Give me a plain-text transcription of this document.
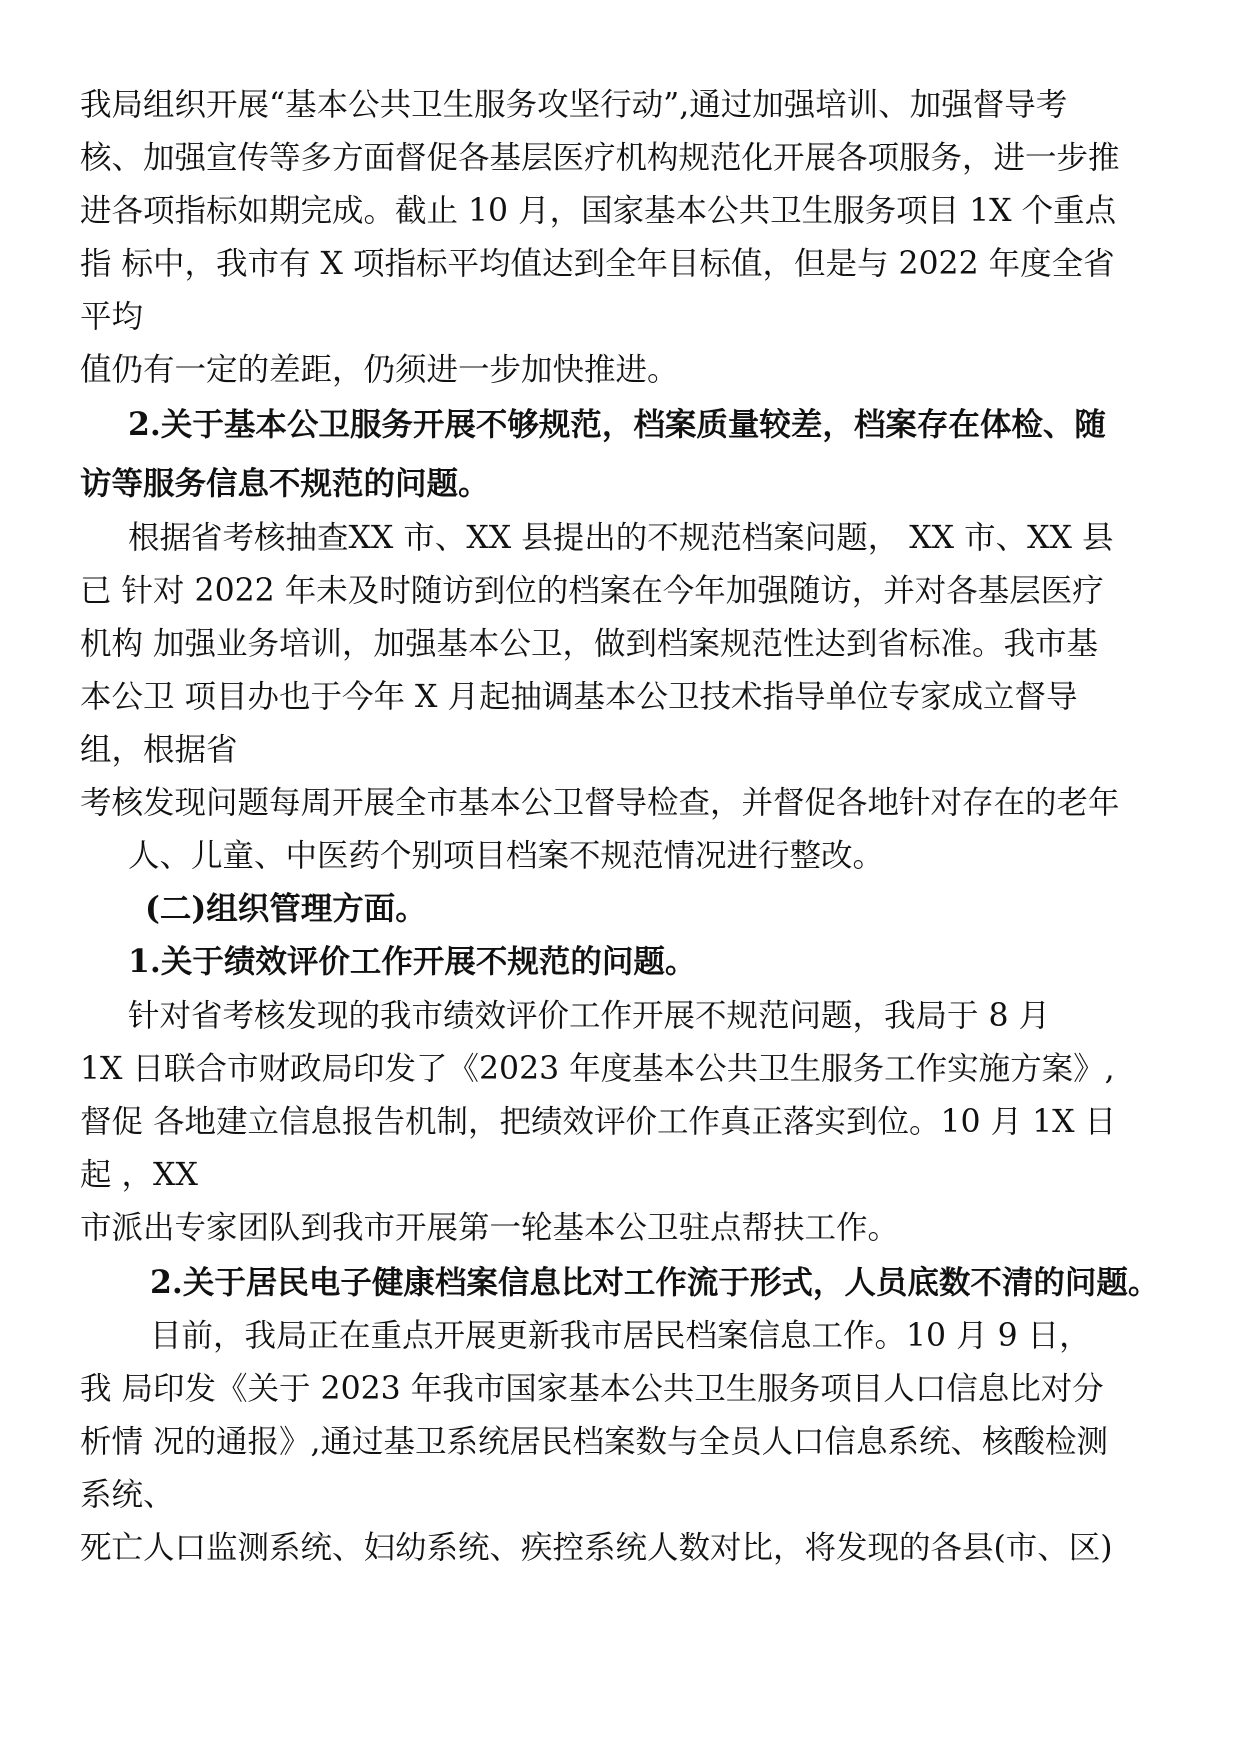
我局组织开展“基本公共卫生服务攻坚行动”,通过加强培训、加强督导考
核、加强宣传等多方面督促各基层医疗机构规范化开展各项服务，进一步推
进各项指标如期完成。截止 10 月，国家基本公共卫生服务项目 1X 个重点
指 标中，我市有 X 项指标平均值达到全年目标值，但是与 2022 年度全省
平均
值仍有一定的差距，仍须进一步加快推进。
2.关于基本公卫服务开展不够规范，档案质量较差，档案存在体检、随
访等服务信息不规范的问题。
根据省考核抽查XX 市、XX 县提出的不规范档案问题， XX 市、XX 县
已 针对 2022 年未及时随访到位的档案在今年加强随访，并对各基层医疗
机构 加强业务培训，加强基本公卫，做到档案规范性达到省标准。我市基
本公卫 项目办也于今年 X 月起抽调基本公卫技术指导单位专家成立督导
组，根据省
考核发现问题每周开展全市基本公卫督导检查，并督促各地针对存在的老年
人、儿童、中医药个别项目档案不规范情况进行整改。
(二)组织管理方面。
1.关于绩效评价工作开展不规范的问题。
针对省考核发现的我市绩效评价工作开展不规范问题，我局于 8 月
1X 日联合市财政局印发了《2023 年度基本公共卫生服务工作实施方案》,
督促 各地建立信息报告机制，把绩效评价工作真正落实到位。10 月 1X 日
起 ，XX
市派出专家团队到我市开展第一轮基本公卫驻点帮扶工作。
2.关于居民电子健康档案信息比对工作流于形式，人员底数不清的问题。
目前，我局正在重点开展更新我市居民档案信息工作。10 月 9 日，
我 局印发《关于 2023 年我市国家基本公共卫生服务项目人口信息比对分
析情 况的通报》,通过基卫系统居民档案数与全员人口信息系统、核酸检测
系统、
死亡人口监测系统、妇幼系统、疾控系统人数对比，将发现的各县(市、区)
